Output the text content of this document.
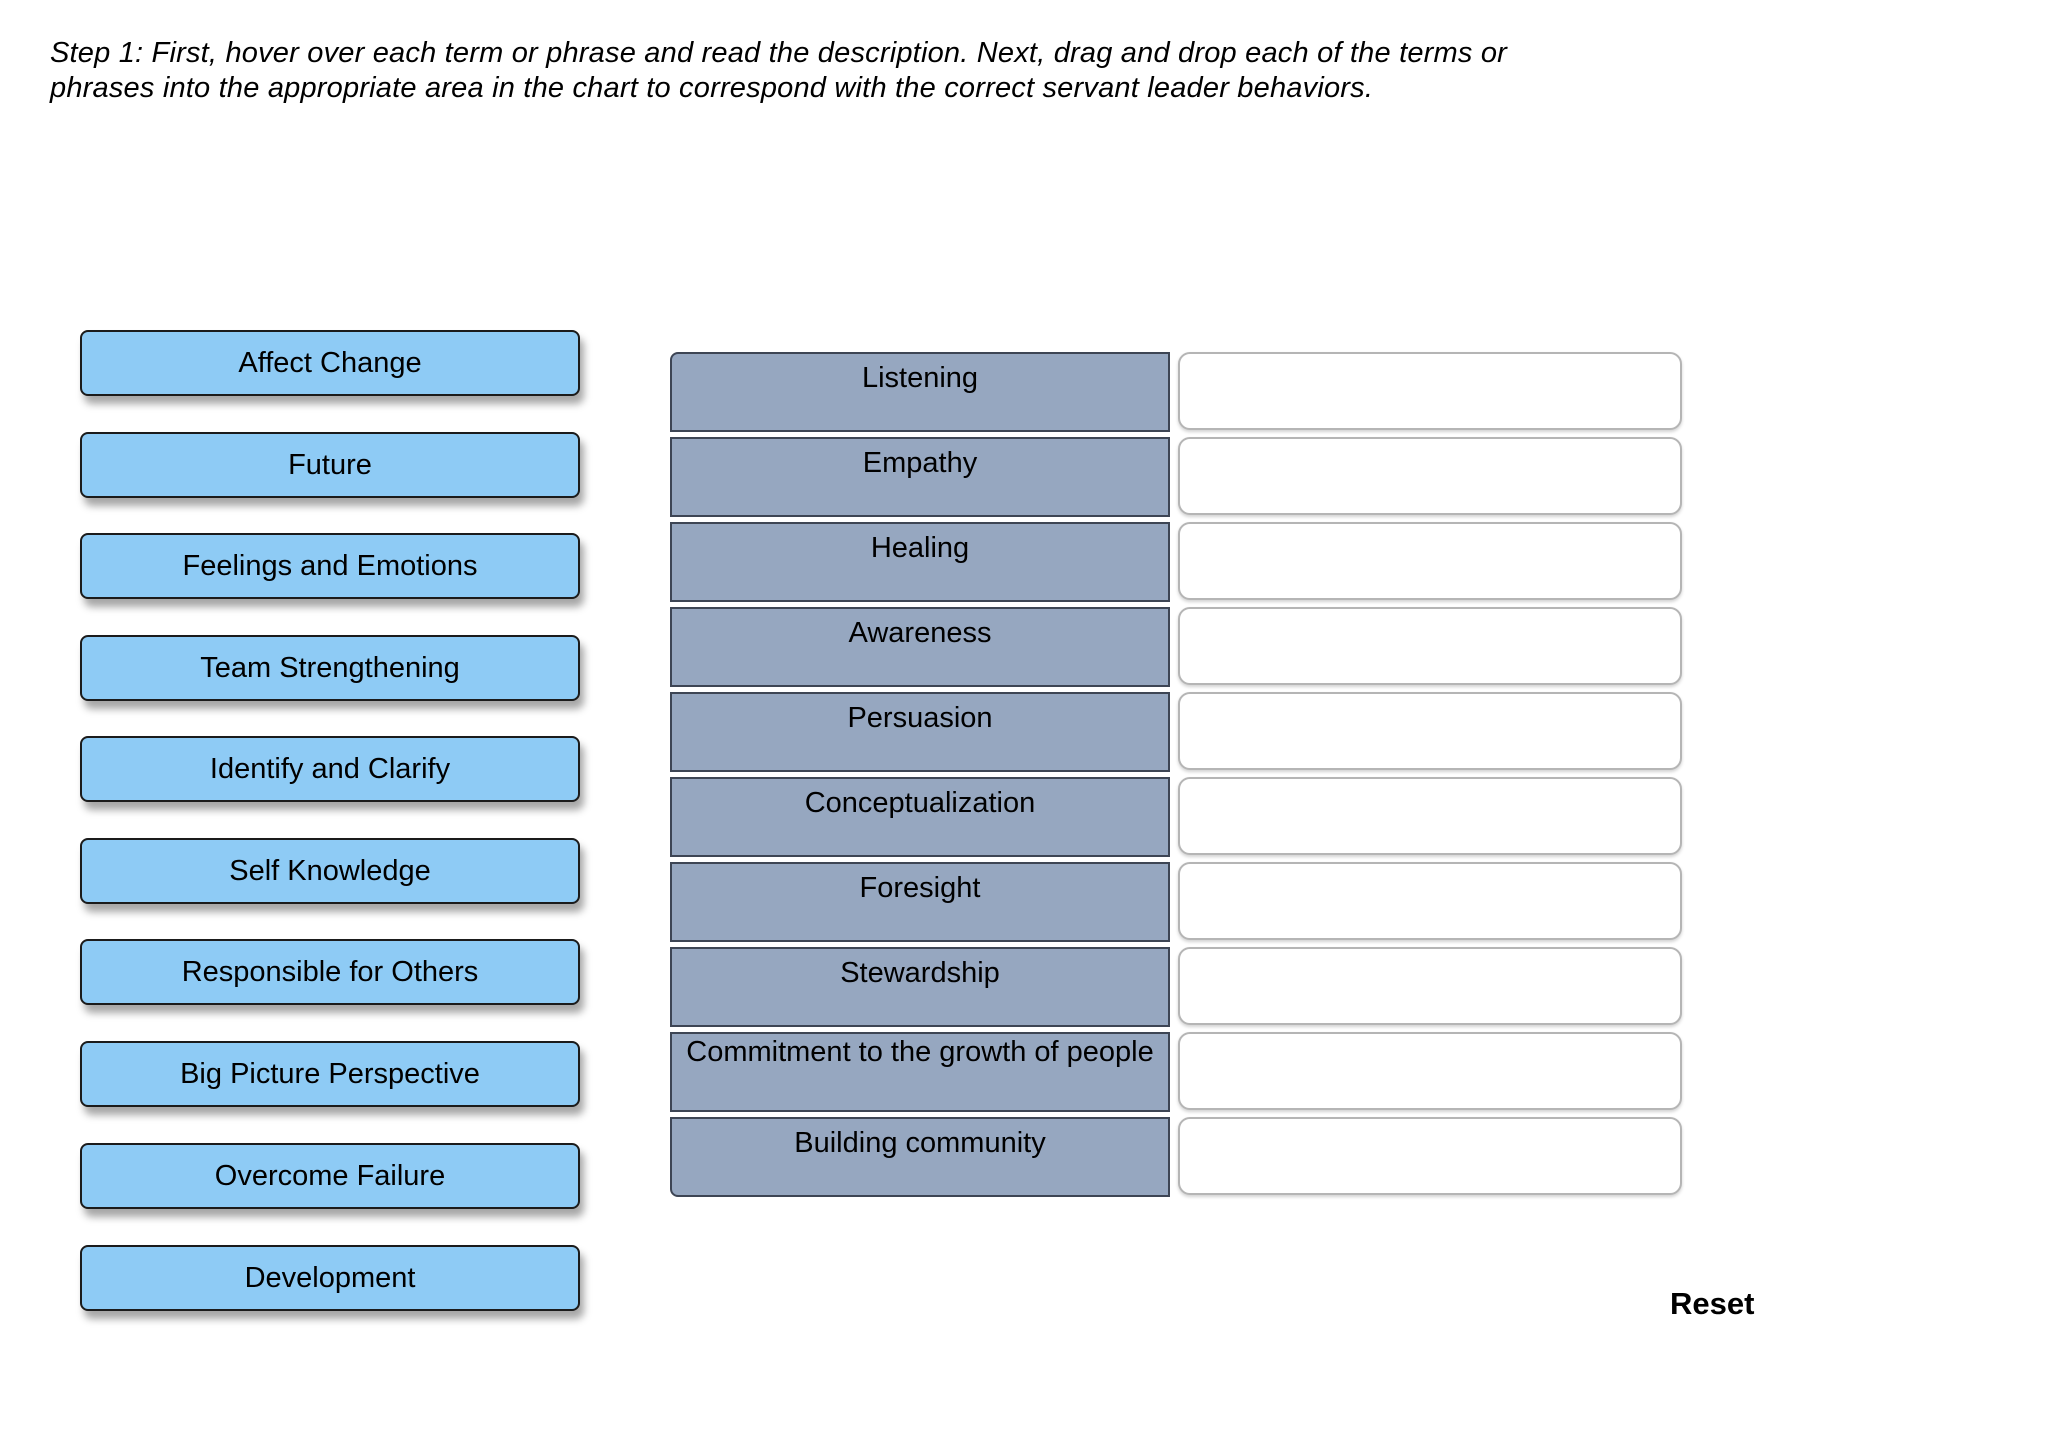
Step 1: First, hover over each term or phrase and read the description. Next, drag and drop each of the terms or
phrases into the appropriate area in the chart to correspond with the correct servant leader behaviors.
Affect Change
Future
Feelings and Emotions
Team Strengthening
Identify and Clarify
Self Knowledge
Responsible for Others
Big Picture Perspective
Overcome Failure
Development
Listening
Empathy
Healing
Awareness
Persuasion
Conceptualization
Foresight
Stewardship
Commitment to the growth of people
Building community
Reset
